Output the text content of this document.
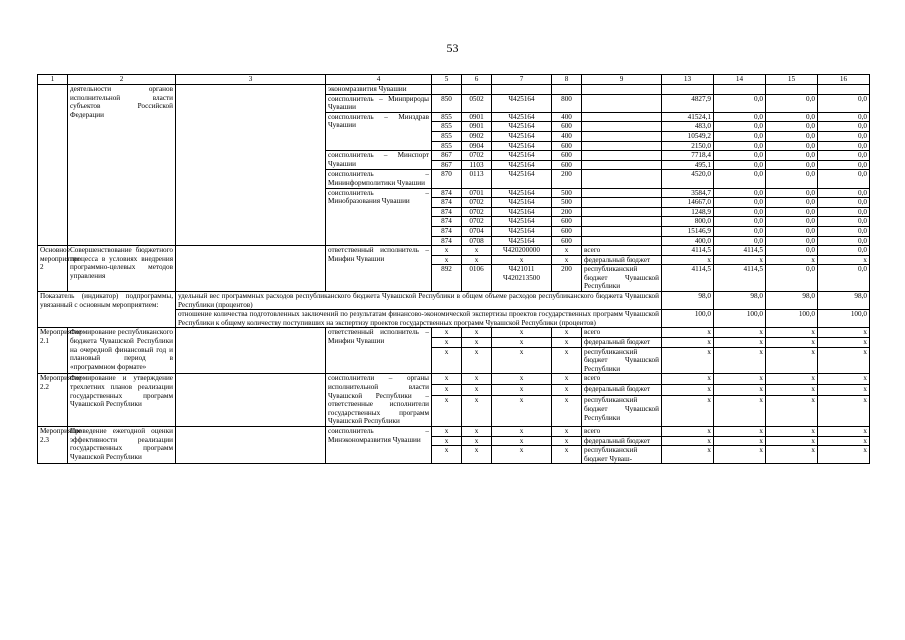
53
1	2	3	4	5	6	7	8	9	13	14	15	16
	деятельности органов исполнительной власти субъектов Российской Федерации		экономразвития Чувашии									
			соисполнитель – Минприроды Чувашии	850	0502	Ч425164	800		4827,9	0,0	0,0	0,0
			соисполнитель – Минздрав Чувашии	855	0901	Ч425164	400		41524,1	0,0	0,0	0,0
				855	0901	Ч425164	600		483,0	0,0	0,0	0,0
				855	0902	Ч425164	400		10549,2	0,0	0,0	0,0
				855	0904	Ч425164	600		2150,0	0,0	0,0	0,0
			соисполнитель – Минспорт Чувашии	867	0702	Ч425164	600		7718,4	0,0	0,0	0,0
				867	1103	Ч425164	600		495,1	0,0	0,0	0,0
			соисполнитель – Мининформполитики Чувашии	870	0113	Ч425164	200		4520,0	0,0	0,0	0,0
			соисполнитель – Минобразования Чувашии	874	0701	Ч425164	500		3584,7	0,0	0,0	0,0
				874	0702	Ч425164	500		14667,0	0,0	0,0	0,0
				874	0702	Ч425164	200		1248,9	0,0	0,0	0,0
				874	0702	Ч425164	600		800,0	0,0	0,0	0,0
				874	0704	Ч425164	600		15146,9	0,0	0,0	0,0
				874	0708	Ч425164	600		400,0	0,0	0,0	0,0
Основное мероприятие 2	Совершенствование бюджетного процесса в условиях внедрения программно-целевых методов управления		ответственный исполнитель – Минфин Чувашии	x	x	Ч420200000	x	всего	4114,5	4114,5	0,0	0,0
				x	x	x	x	федеральный бюджет	x	x	x	x
				892	0106	Ч421011 Ч420213500	200	республиканский бюджет Чувашской Республики	4114,5	4114,5	0,0	0,0
Показатель (индикатор) подпрограммы, увязанный с основным мероприятием:		удельный вес программных расходов республиканского бюджета Чувашской Республики в общем объеме расходов республиканского бюджета Чувашской Республики (процентов)							98,0	98,0	98,0	98,0
		отношение количества подготовленных заключений по результатам финансово-экономической экспертизы проектов государственных программ Чувашской Республики к общему количеству поступивших на экспертизу проектов государственных программ Чувашской Республики (процентов)							100,0	100,0	100,0	100,0
Мероприятие 2.1	Формирование республиканского бюджета Чувашской Республики на очередной финансовый год и плановый период в «программном формате»		ответственный исполнитель – Минфин Чувашии	x	x	x	x	всего	x	x	x	x
				x	x	x	x	федеральный бюджет	x	x	x	x
				x	x	x	x	республиканский бюджет Чувашской Республики	x	x	x	x
Мероприятие 2.2	Формирование и утверждение трехлетних планов реализации государственных программ Чувашской Республики		соисполнители – органы исполнительной власти Чувашской Республики – ответственные исполнители государственных программ Чувашской Республики	x	x	x	x	всего	x	x	x	x
				x	x	x	x	федеральный бюджет	x	x	x	x
				x	x	x	x	республиканский бюджет Чувашской Республики	x	x	x	x
Мероприятие 2.3	Проведение ежегодной оценки эффективности реализации государственных программ Чувашской Республики		соисполнитель – Минэкономразвития Чувашии	x	x	x	x	всего	x	x	x	x
				x	x	x	x	федеральный бюджет	x	x	x	x
				x	x	x	x	республиканский бюджет Чуваш-	x	x	x	x
